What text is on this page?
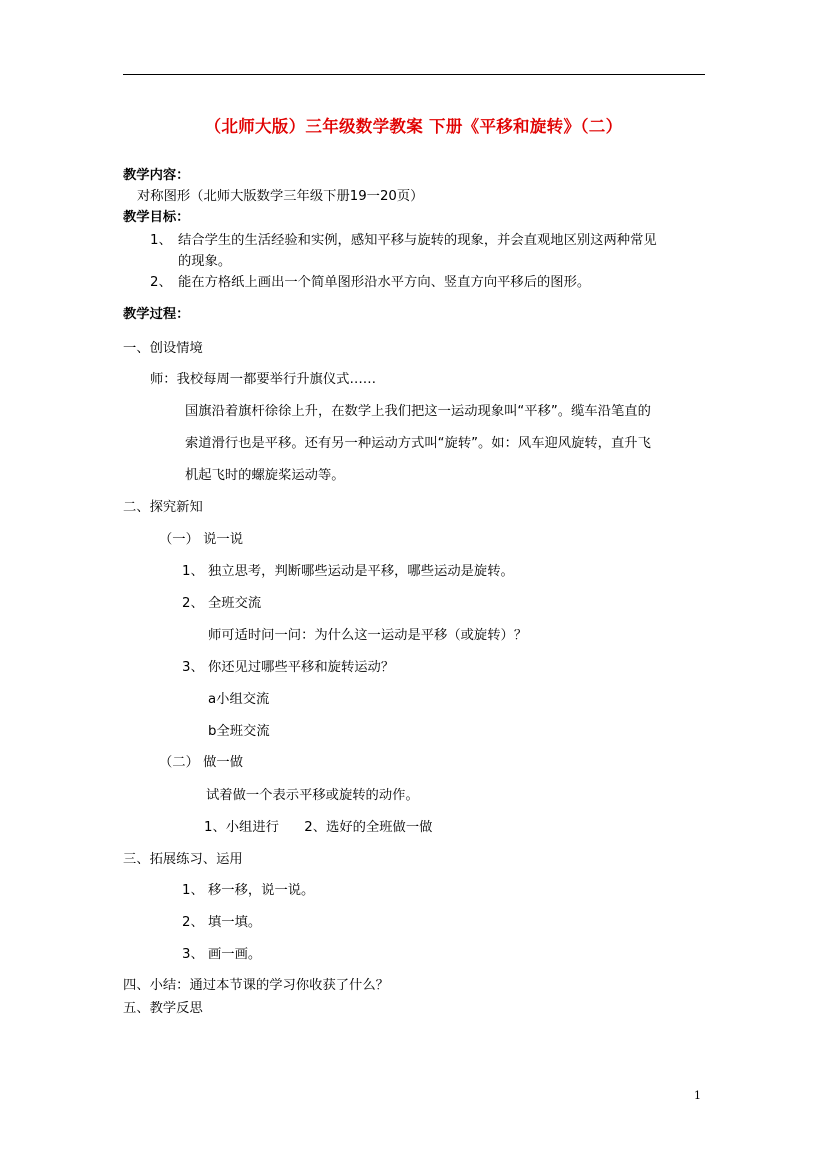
（北师大版）三年级数学教案 下册《平移和旋转》（二）
教学内容：
对称图形（北师大版数学三年级下册19一20页）
教学目标：
1、 结合学生的生活经验和实例，感知平移与旋转的现象，并会直观地区别这两种常见
的现象。
2、 能在方格纸上画出一个简单图形沿水平方向、竖直方向平移后的图形。
教学过程：
一、创设情境
师：我校每周一都要举行升旗仪式……
国旗沿着旗杆徐徐上升，在数学上我们把这一运动现象叫“平移”。缆车沿笔直的
索道滑行也是平移。还有另一种运动方式叫“旋转”。如：风车迎风旋转，直升飞
机起飞时的螺旋桨运动等。
二、探究新知
（一） 说一说
1、 独立思考，判断哪些运动是平移，哪些运动是旋转。
2、 全班交流
师可适时问一问：为什么这一运动是平移（或旋转）？
3、 你还见过哪些平移和旋转运动？
a小组交流
b全班交流
（二） 做一做
试着做一个表示平移或旋转的动作。
1、小组进行      2、选好的全班做一做
三、拓展练习、运用
1、 移一移，说一说。
2、 填一填。
3、 画一画。
四、小结：通过本节课的学习你收获了什么？
五、教学反思
1
